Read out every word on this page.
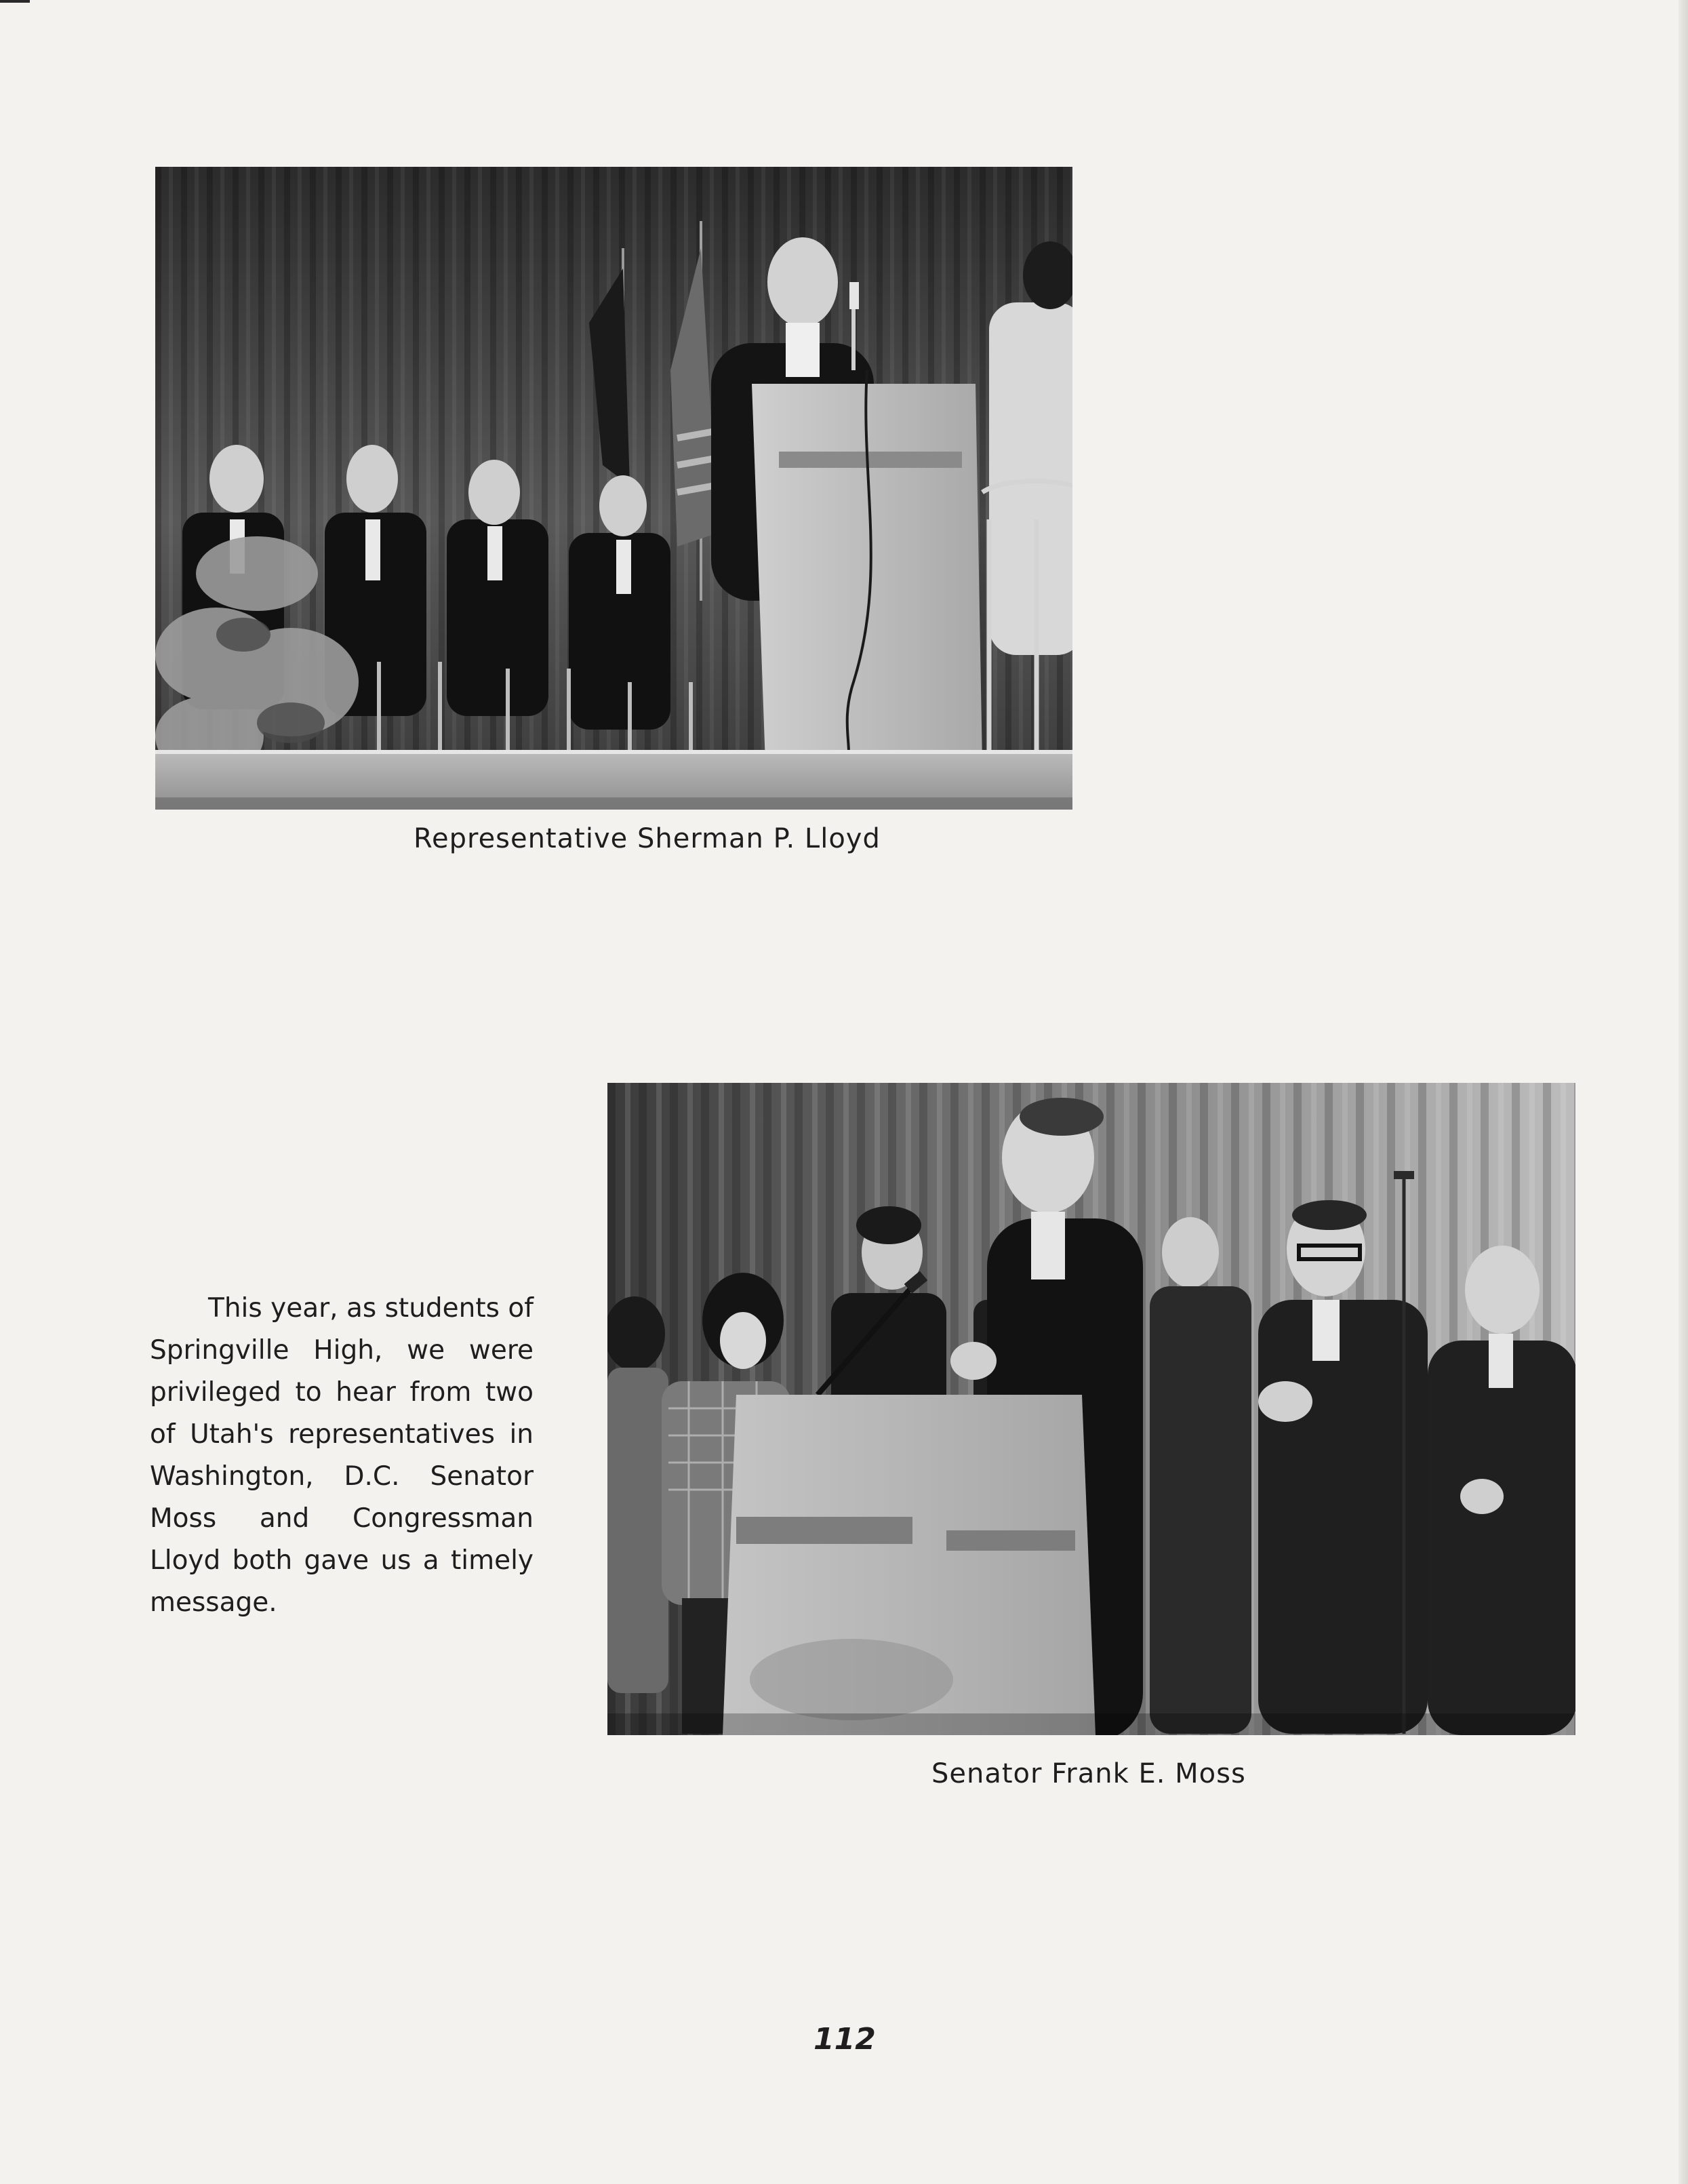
Representative Sherman P. Lloyd

This year, as students of Springville High, we were privileged to hear from two of Utah's representatives in Washington, D.C. Senator Moss and Congressman Lloyd both gave us a timely message.

Senator Frank E. Moss
112
